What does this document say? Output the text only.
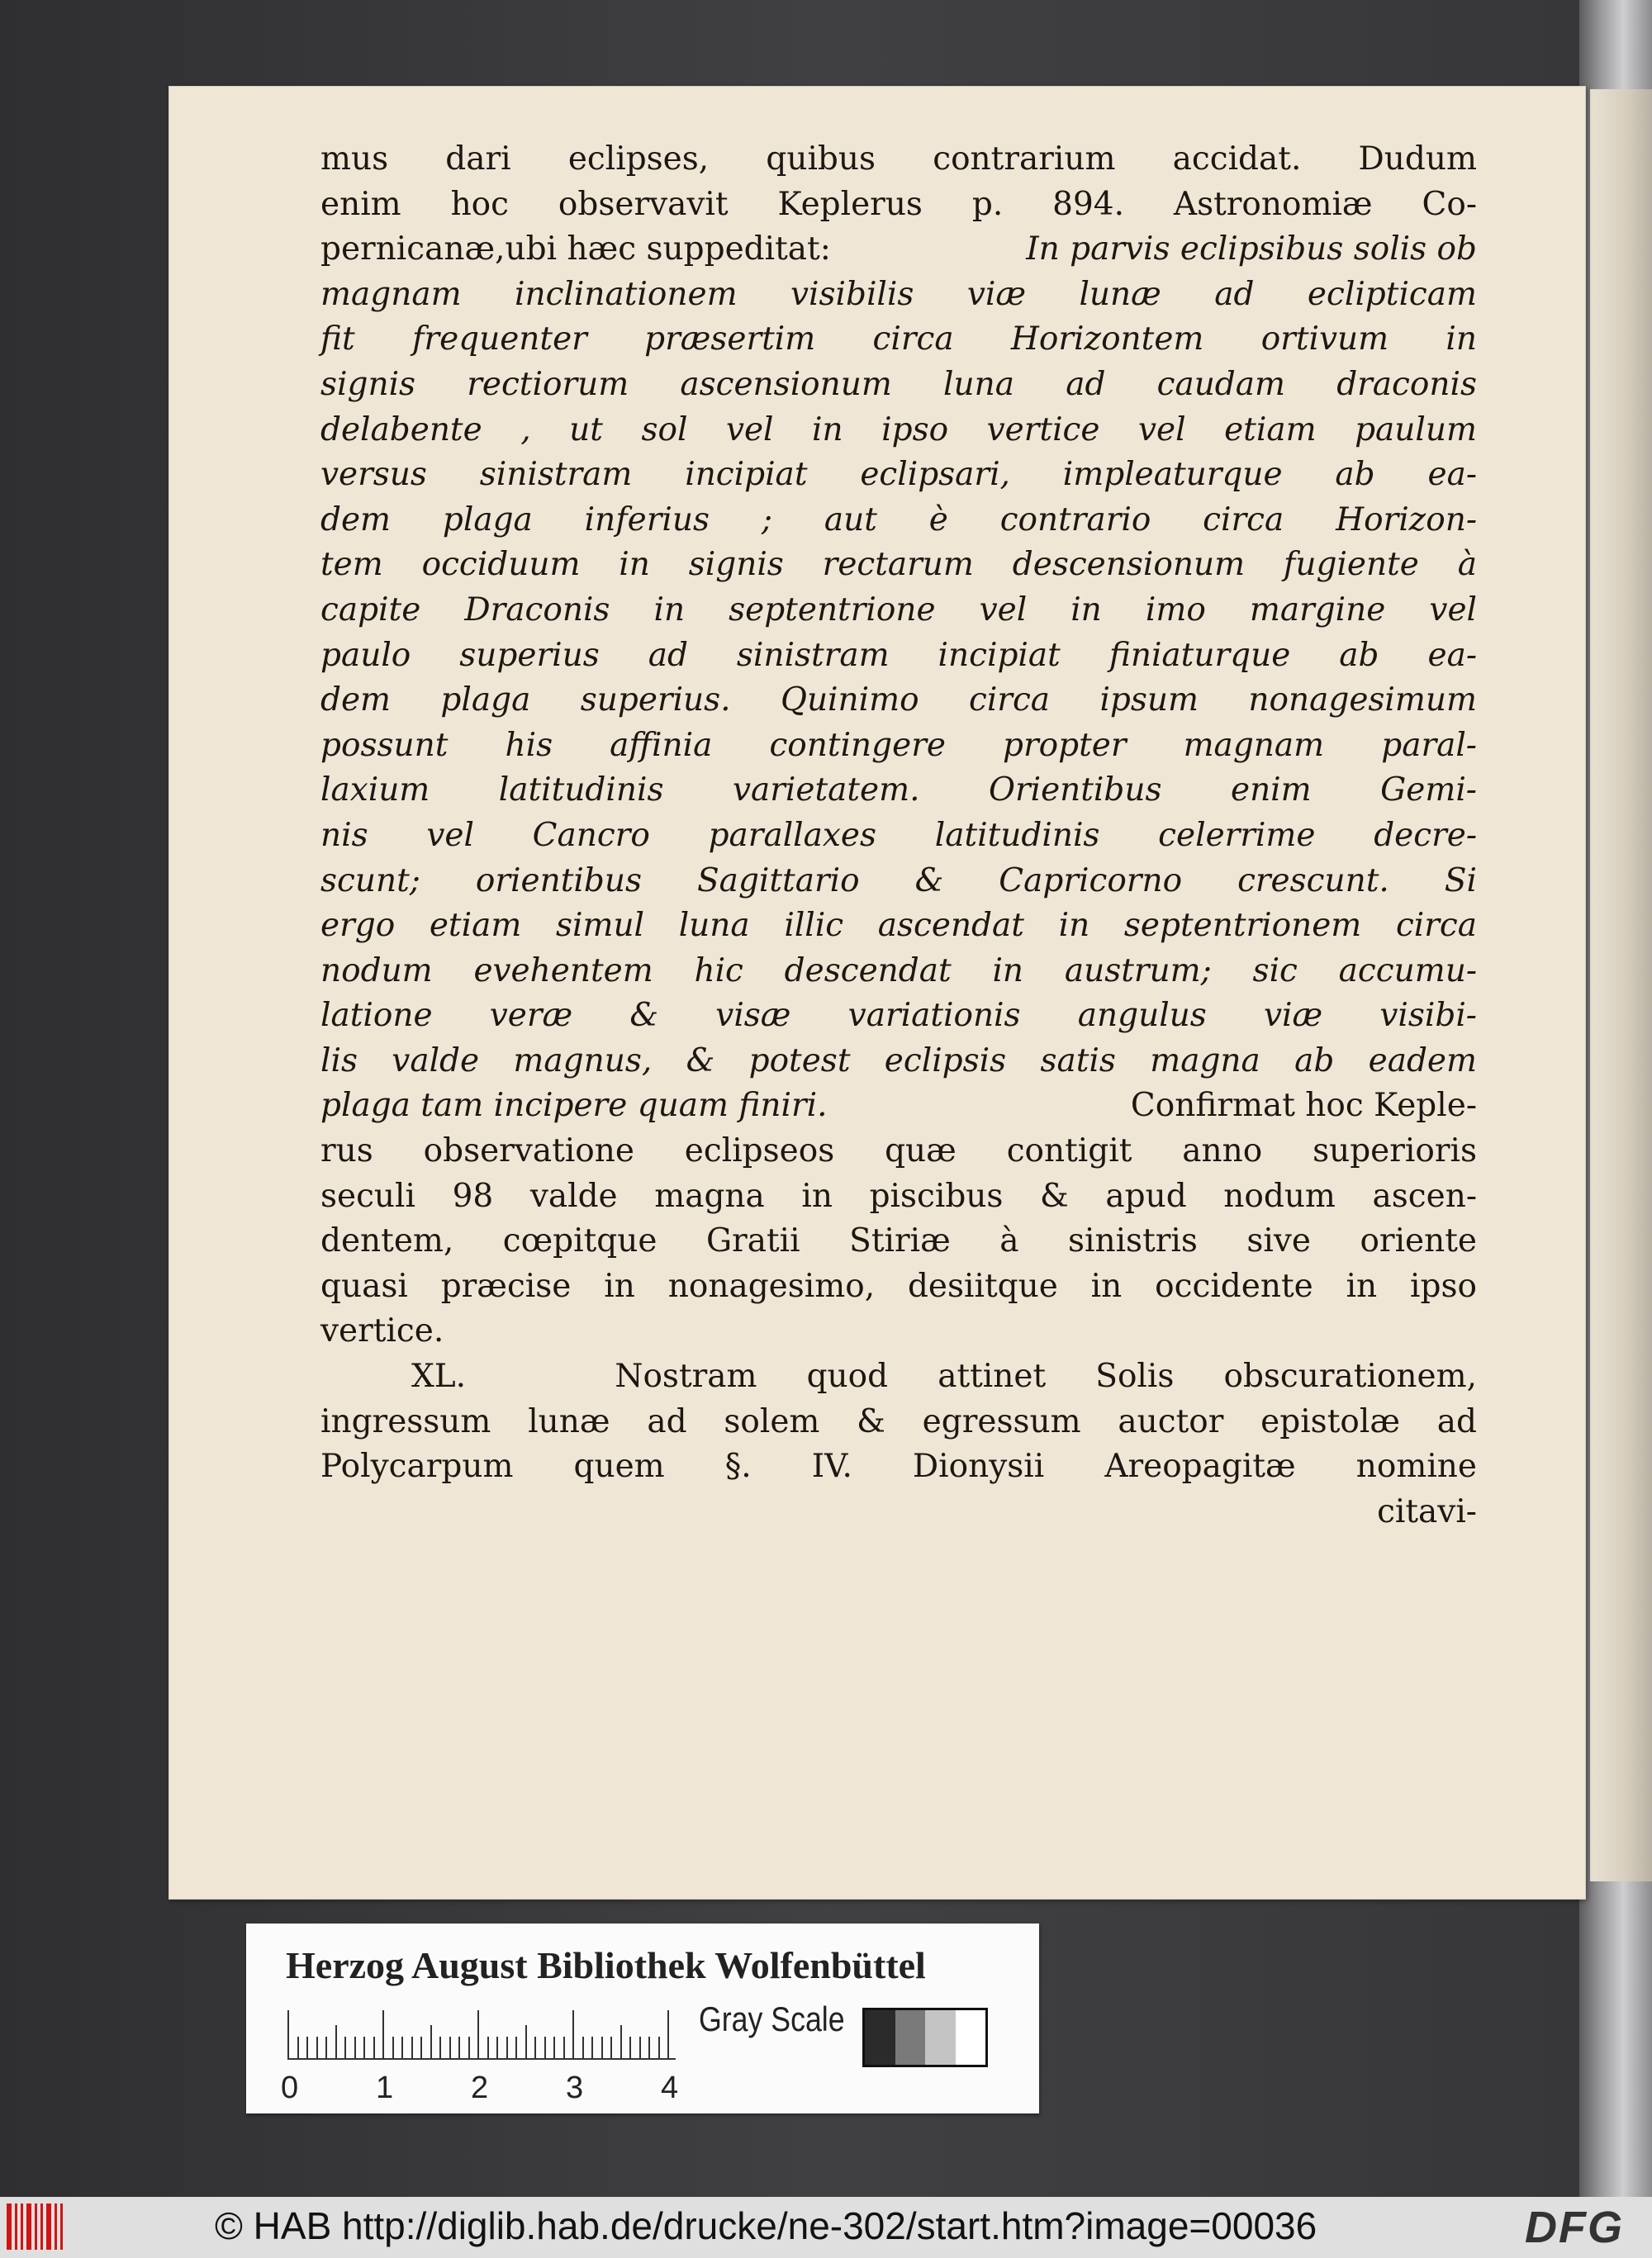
mus dari eclipses, quibus contrarium accidat. Dudum
enim hoc observavit Keplerus p. 894. Astronomiæ Co-
pernicanæ,ubi hæc suppeditat:	In parvis eclipsibus solis ob
magnam inclinationem visibilis viæ lunæ ad eclipticam
fit frequenter præsertim circa Horizontem ortivum in
signis rectiorum ascensionum luna ad caudam draconis
delabente , ut sol vel in ipso vertice vel etiam paulum
versus sinistram incipiat eclipsari, impleaturque ab ea-
dem plaga inferius ; aut è contrario circa Horizon-
tem occiduum in signis rectarum descensionum fugiente à
capite Draconis in septentrione vel in imo margine vel
paulo superius ad sinistram incipiat finiaturque ab ea-
dem plaga superius. Quinimo circa ipsum nonagesimum
possunt his affinia contingere propter magnam paral-
laxium latitudinis varietatem. Orientibus enim Gemi-
nis vel Cancro parallaxes latitudinis celerrime decre-
scunt; orientibus Sagittario & Capricorno crescunt. Si
ergo etiam simul luna illic ascendat in septentrionem circa
nodum evehentem hic descendat in austrum; sic accumu-
latione veræ & visæ variationis angulus viæ visibi-
lis valde magnus, & potest eclipsis satis magna ab eadem
plaga tam incipere quam finiri.	Confirmat hoc Keple-
rus observatione eclipseos quæ contigit anno superioris
seculi 98 valde magna in piscibus & apud nodum ascen-
dentem, cœpitque Gratii Stiriæ à sinistris sive oriente
quasi præcise in nonagesimo, desiitque in occidente in ipso
vertice.
XL.   Nostram quod attinet Solis obscurationem,
ingressum lunæ ad solem & egressum auctor epistolæ ad
Polycarpum quem §. IV. Dionysii Areopagitæ nomine
citavi-
Herzog August Bibliothek Wolfenbüttel
0 1 2 3 4
Gray Scale
© HAB http://diglib.hab.de/drucke/ne-302/start.htm?image=00036	DFG
